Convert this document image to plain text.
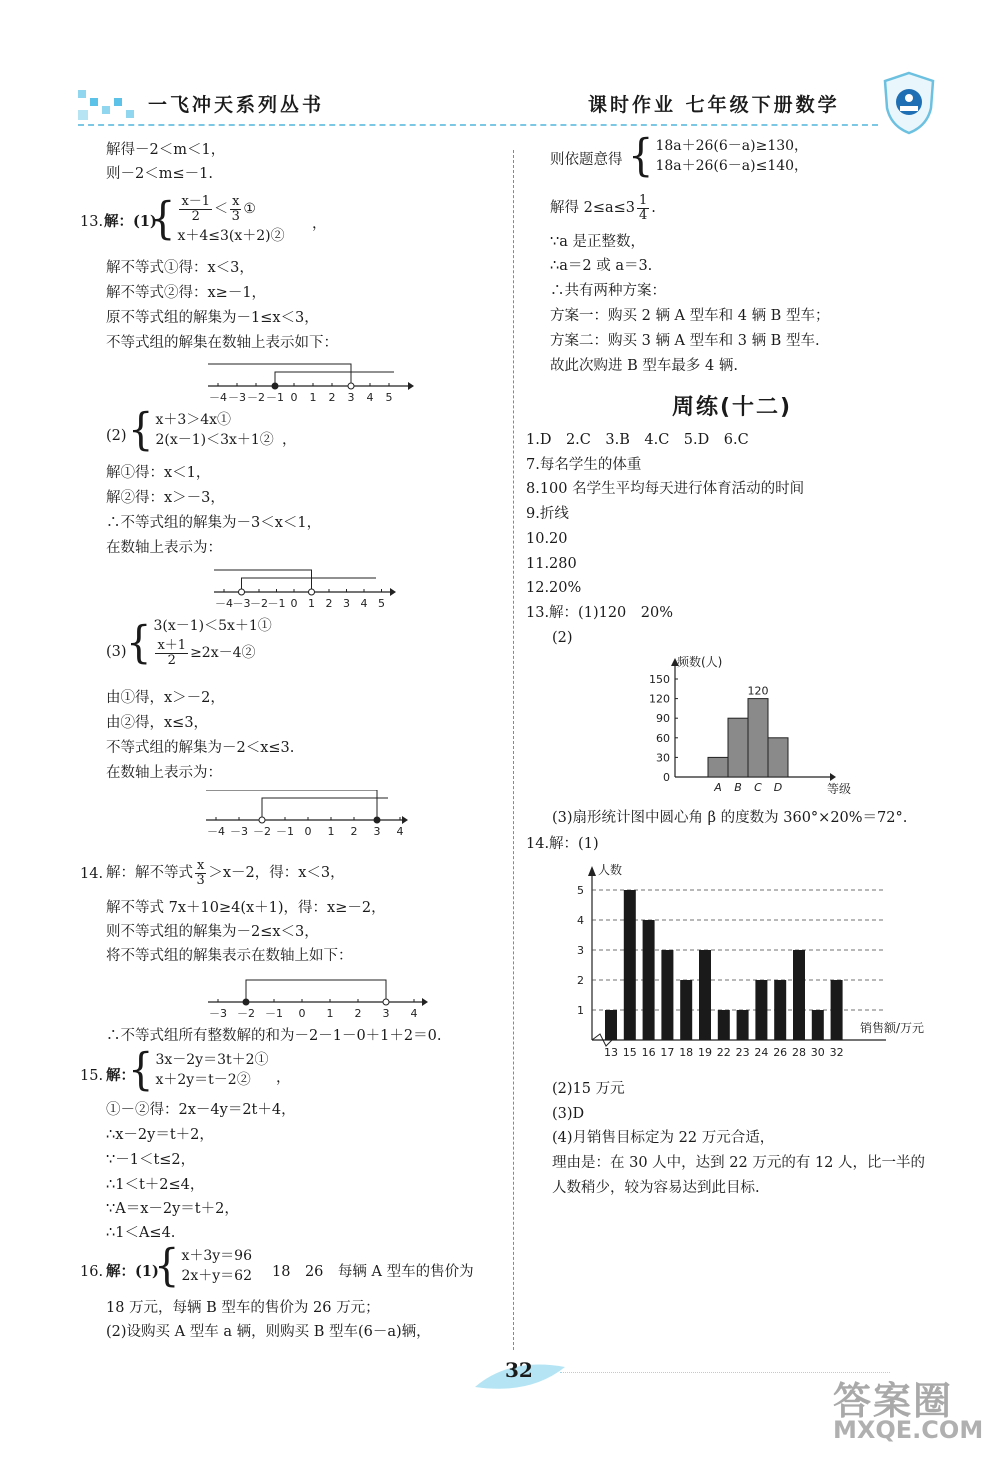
一飞冲天系列丛书	课时作业 七年级下册数学
解得－2＜m＜1，
则－2＜m≤－1.
13. 解：(1)
{ $\frac{x-1}{2} < \frac{x}{3}$ ①
x＋4≤3(x＋2)②
，
解不等式①得：x＜3，
解不等式②得：x≥－1，
原不等式组的解集为－1≤x＜3，
不等式组的解集在数轴上表示如下：
－4 －3 －2 －1 0 1 2 3 4 5
(2) { x＋3＞4x①
2(x－1)＜3x＋1② ，
解①得：x＜1，
解②得：x＞－3，
∴不等式组的解集为－3＜x＜1，
在数轴上表示为：
－4 －3 －2 －1 0 1 2 3 4 5
(3) { 3(x－1)＜5x＋1①
$\frac{x+1}{2}$ ≥2x－4②
由①得，x＞－2，
由②得，x≤3，
不等式组的解集为－2＜x≤3.
在数轴上表示为：
－4 －3 －2 －1 0 1 2 3 4
14. 解：解不等式 $\frac{x}{3} >x-2$，得：x＜3，
解不等式 7x＋10≥4(x＋1)，得：x≥－2，
则不等式组的解集为－2≤x＜3，
将不等式组的解集表示在数轴上如下：
－3 －2 －1 0 1 2 3 4
∴不等式组所有整数解的和为－2－1－0＋1＋2＝0.
15. 解：
{ 3x－2y＝3t＋2①
x＋2y＝t－2②	，
①－②得：2x－4y＝2t＋4，
∴x－2y＝t＋2，
∵－1＜t≤2，
∴1＜t＋2≤4，
∵A＝x－2y＝t＋2，
∴1＜A≤4.
16. 解：(1)
{ x＋3y＝96
2x＋y＝62 18　26　每辆 A 型车的售价为
18 万元，每辆 B 型车的售价为 26 万元；
(2)设购买 A 型车 a 辆，则购买 B 型车(6－a)辆，
则依题意得 { 18a＋26(6－a)≥130，
18a＋26(6－a)≤140，
解得 $2\le a\le 3 \frac{1}{4}$ .
∵a 是正整数，
∴a＝2 或 a＝3.
∴共有两种方案：
方案一：购买 2 辆 A 型车和 4 辆 B 型车；
方案二：购买 3 辆 A 型车和 3 辆 B 型车.
故此次购进 B 型车最多 4 辆.
周练(十二)
1.D　2.C　3.B　4.C　5.D　6.C
7.每名学生的体重
8.100 名学生平均每天进行体育活动的时间
9.折线
10.20
11.280
12.20%
13.解：(1)120　20%
(2)
频数(人)
等级
0
30
60
90
120
150
A B C D
120
(3)扇形统计图中圆心角 β 的度数为 360°×20%＝72°.
14.解：(1)
人数
销售额/万元
1
2
3
4
5
13 15 16 17 18 19 22 23 24 26 28 30 32
(2)15 万元
(3)D
(4)月销售目标定为 22 万元合适，
理由是：在 30 人中，达到 22 万元的有 12 人，比一半的
人数稍少，较为容易达到此目标.
32
答案圈
MXQE.COM
